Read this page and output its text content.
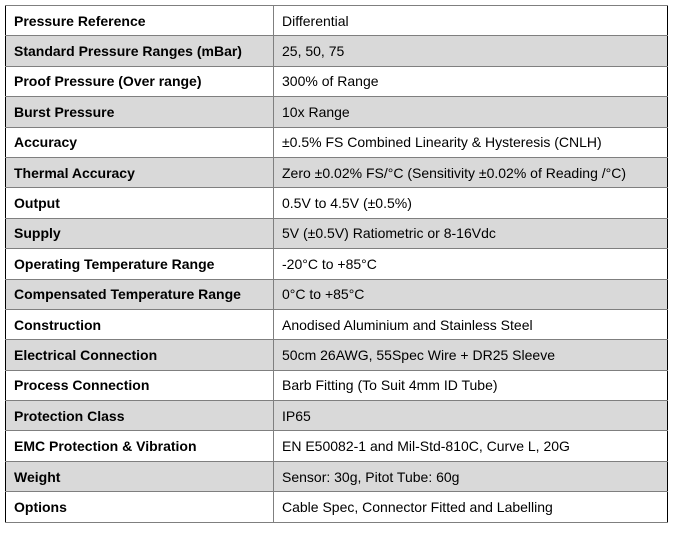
Pressure Reference	Differential
Standard Pressure Ranges (mBar)	25, 50, 75
Proof Pressure (Over range)	300% of Range
Burst Pressure	10x Range
Accuracy	±0.5% FS Combined Linearity & Hysteresis (CNLH)
Thermal Accuracy	Zero ±0.02% FS/°C (Sensitivity ±0.02% of Reading /°C)
Output	0.5V to 4.5V (±0.5%)
Supply	5V (±0.5V) Ratiometric or 8-16Vdc
Operating Temperature Range	-20°C to +85°C
Compensated Temperature Range	0°C to +85°C
Construction	Anodised Aluminium and Stainless Steel
Electrical Connection	50cm 26AWG, 55Spec Wire + DR25 Sleeve
Process Connection	Barb Fitting (To Suit 4mm ID Tube)
Protection Class	IP65
EMC Protection & Vibration	EN E50082-1 and Mil-Std-810C, Curve L, 20G
Weight	Sensor: 30g, Pitot Tube: 60g
Options	Cable Spec, Connector Fitted and Labelling
